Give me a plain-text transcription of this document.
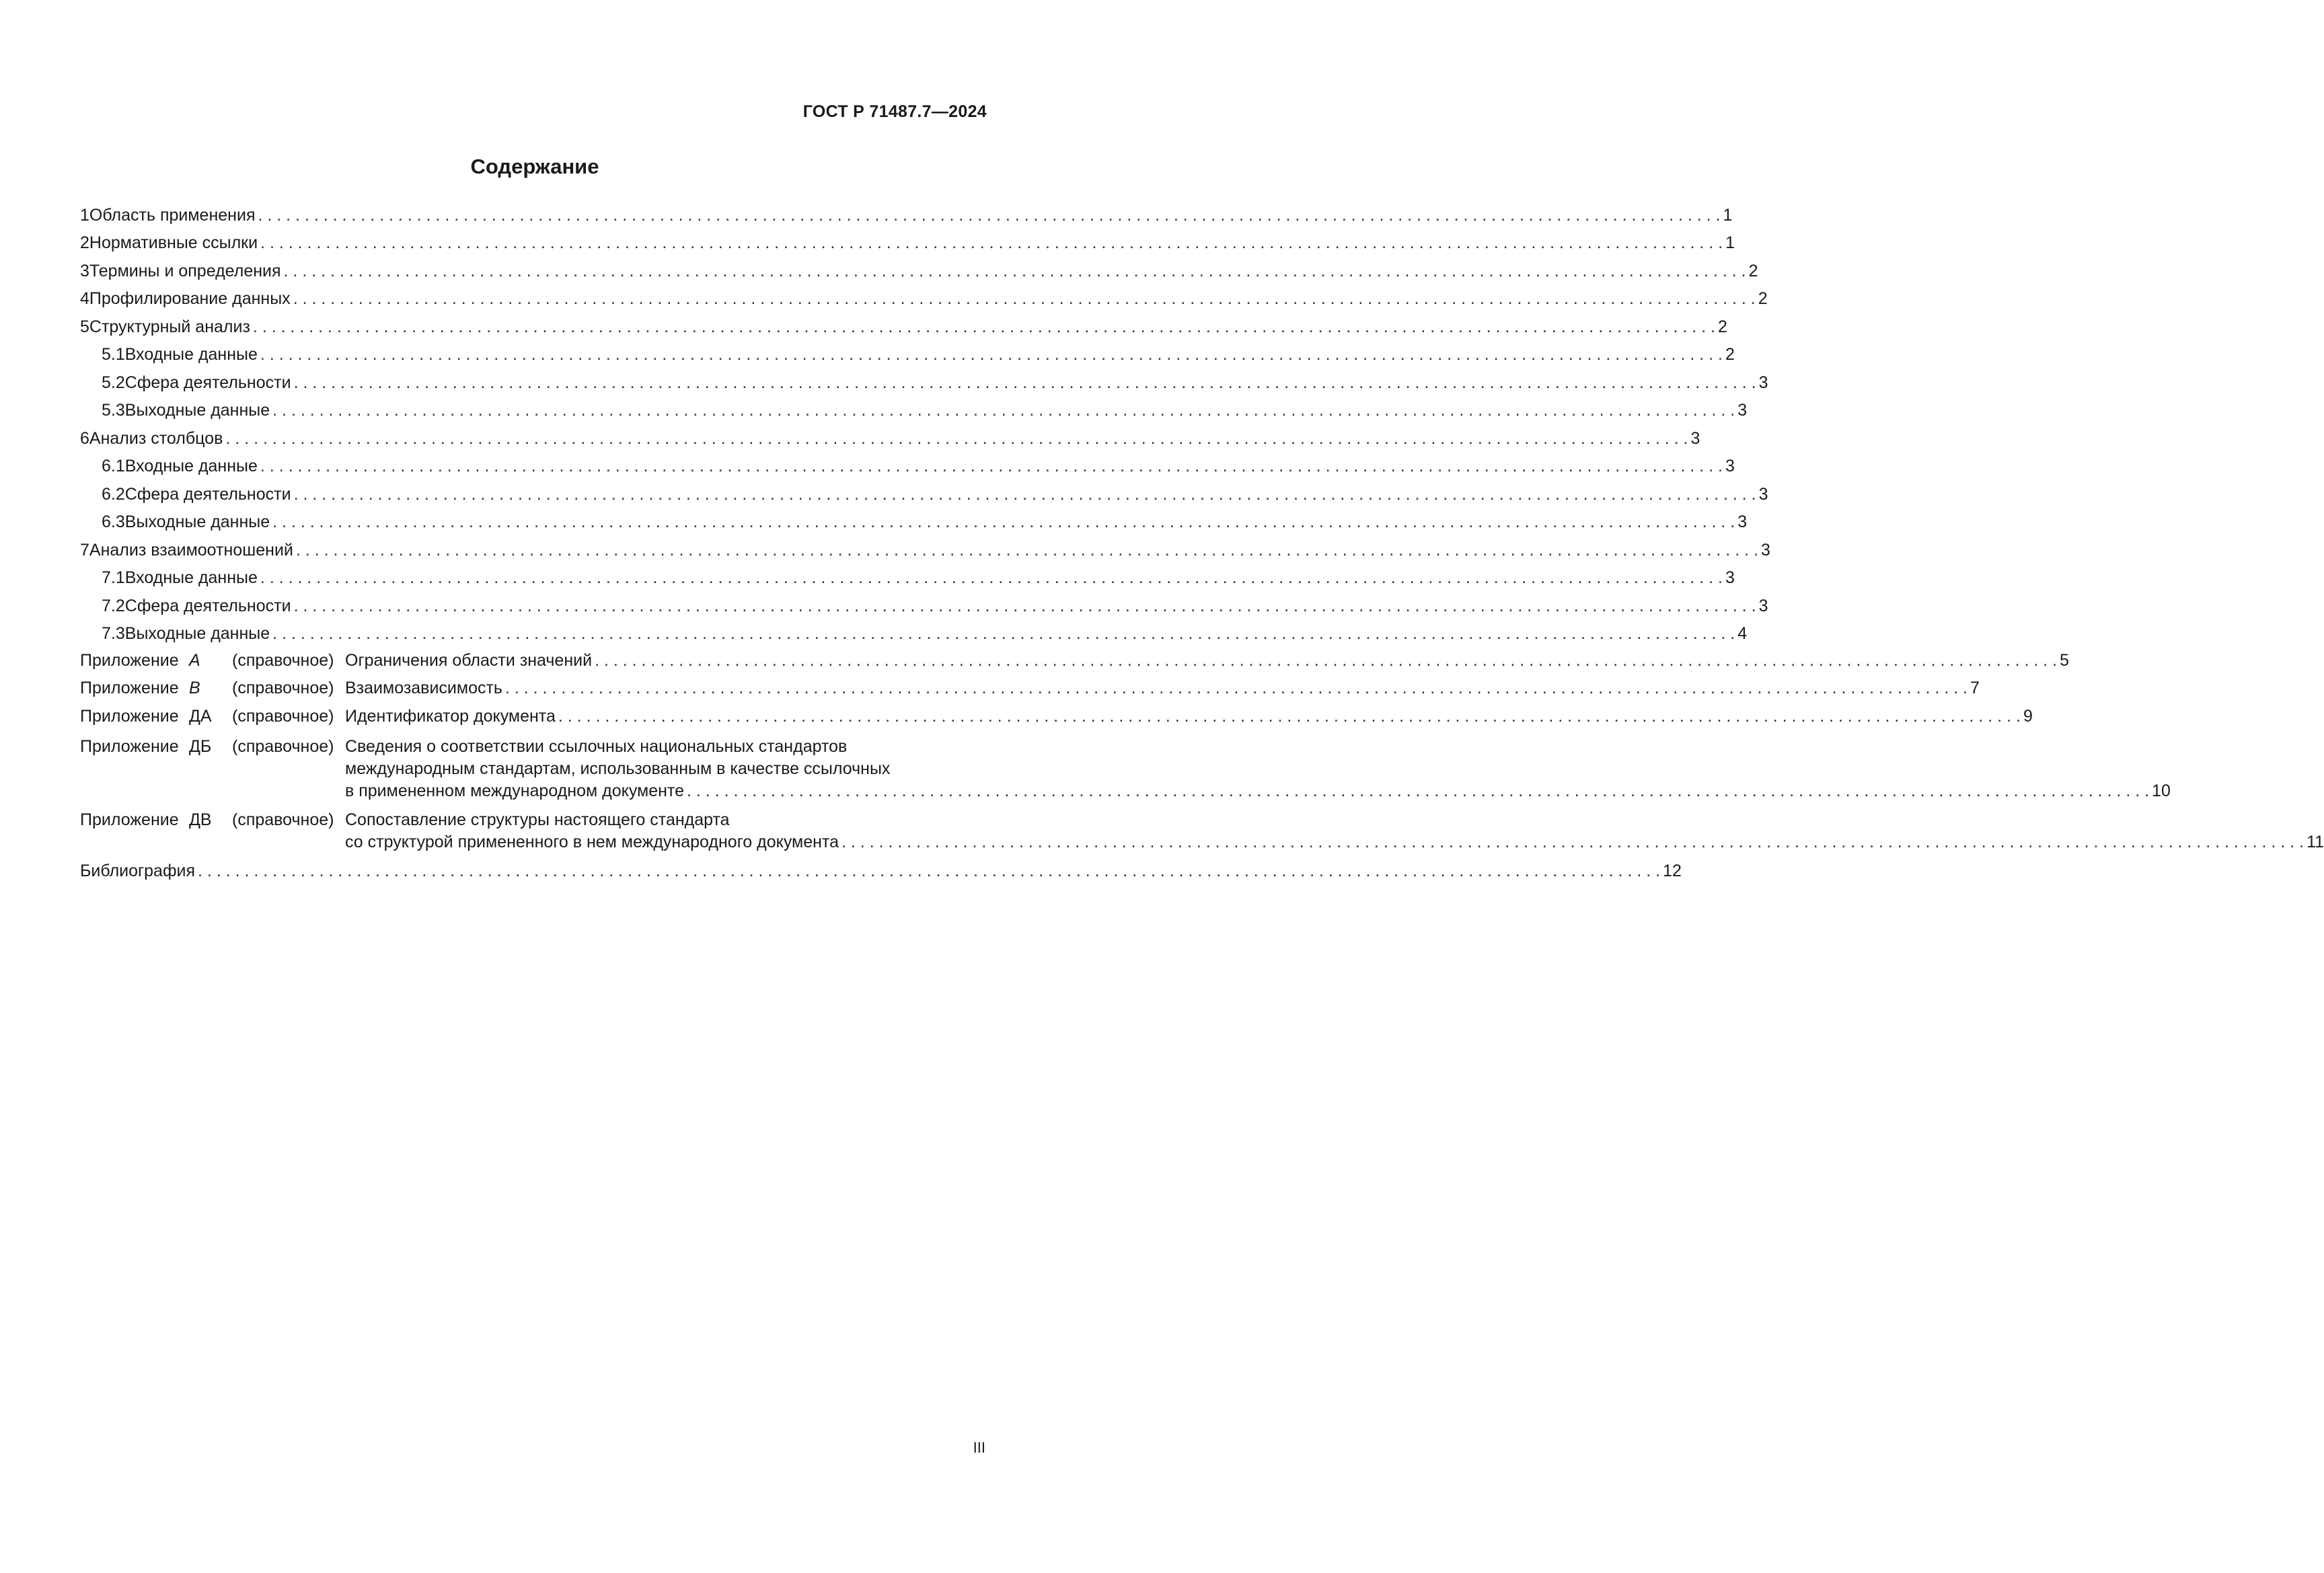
ГОСТ Р 71487.7—2024
Содержание
1 Область применения . . .	1
2 Нормативные ссылки . . .	1
3 Термины и определения . . .	2
4 Профилирование данных . . .	2
5 Структурный анализ . . .	2
5.1 Входные данные . . .	2
5.2 Сфера деятельности . . .	3
5.3 Выходные данные . . .	3
6 Анализ столбцов . . .	3
6.1 Входные данные . . .	3
6.2 Сфера деятельности . . .	3
6.3 Выходные данные . . .	3
7 Анализ взаимоотношений . . .	3
7.1 Входные данные . . .	3
7.2 Сфера деятельности . . .	3
7.3 Выходные данные . . .	4
Приложение А	(справочное) Ограничения области значений . . .	5
Приложение В	(справочное) Взаимозависимость . . .	7
Приложение ДА	(справочное) Идентификатор документа . . .	9
Приложение ДБ	(справочное) Сведения о соответствии ссылочных национальных стандартов
международным стандартам, использованным в качестве ссылочных
в примененном международном документе . . .	10
Приложение ДВ	(справочное) Сопоставление структуры настоящего стандарта
со структурой примененного в нем международного документа . . .	11
Библиография . . .	12
III
